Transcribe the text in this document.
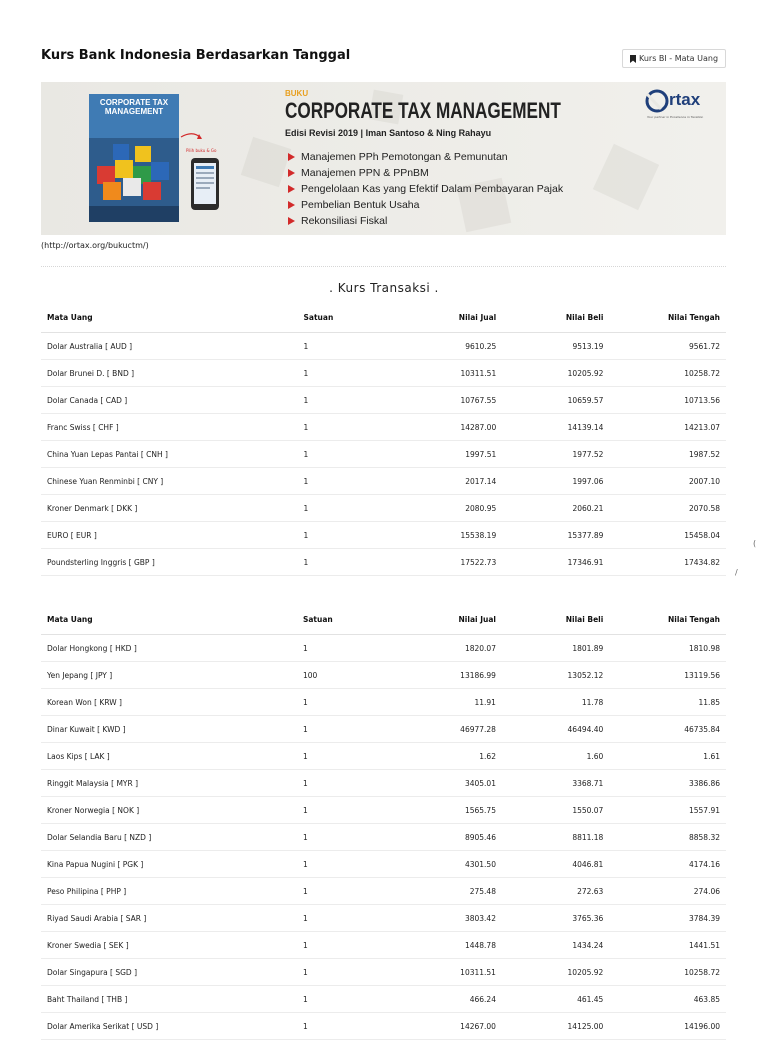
Kurs Bank Indonesia Berdasarkan Tanggal	Kurs BI - Mata Uang
CORPORATE TAX MANAGEMENT
Pilih buku & Go
BUKU
CORPORATE TAX MANAGEMENT
Edisi Revisi 2019 | Iman Santoso & Ning Rahayu
Manajemen PPh Pemotongan & Pemunutan
Manajemen PPN & PPnBM
Pengelolaan Kas yang Efektif Dalam Pembayaran Pajak
Pembelian Bentuk Usaha
Rekonsiliasi Fiskal
rtax
Your partner in Excellence in Taxation
(http://ortax.org/bukuctm/)
. Kurs Transaksi .
Mata Uang	Satuan	Nilai Jual	Nilai Beli	Nilai Tengah
Dolar Australia [ AUD ]	1	9610.25	9513.19	9561.72
Dolar Brunei D. [ BND ]	1	10311.51	10205.92	10258.72
Dolar Canada [ CAD ]	1	10767.55	10659.57	10713.56
Franc Swiss [ CHF ]	1	14287.00	14139.14	14213.07
China Yuan Lepas Pantai [ CNH ]	1	1997.51	1977.52	1987.52
Chinese Yuan Renminbi [ CNY ]	1	2017.14	1997.06	2007.10
Kroner Denmark [ DKK ]	1	2080.95	2060.21	2070.58
EURO [ EUR ]	1	15538.19	15377.89	15458.04
Poundsterling Inggris [ GBP ]	1	17522.73	17346.91	17434.82
Mata Uang	Satuan	Nilai Jual	Nilai Beli	Nilai Tengah
Dolar Hongkong [ HKD ]	1	1820.07	1801.89	1810.98
Yen Jepang [ JPY ]	100	13186.99	13052.12	13119.56
Korean Won [ KRW ]	1	11.91	11.78	11.85
Dinar Kuwait [ KWD ]	1	46977.28	46494.40	46735.84
Laos Kips [ LAK ]	1	1.62	1.60	1.61
Ringgit Malaysia [ MYR ]	1	3405.01	3368.71	3386.86
Kroner Norwegia [ NOK ]	1	1565.75	1550.07	1557.91
Dolar Selandia Baru [ NZD ]	1	8905.46	8811.18	8858.32
Kina Papua Nugini [ PGK ]	1	4301.50	4046.81	4174.16
Peso Philipina [ PHP ]	1	275.48	272.63	274.06
Riyad Saudi Arabia [ SAR ]	1	3803.42	3765.36	3784.39
Kroner Swedia [ SEK ]	1	1448.78	1434.24	1441.51
Dolar Singapura [ SGD ]	1	10311.51	10205.92	10258.72
Baht Thailand [ THB ]	1	466.24	461.45	463.85
Dolar Amerika Serikat [ USD ]	1	14267.00	14125.00	14196.00
(
/
